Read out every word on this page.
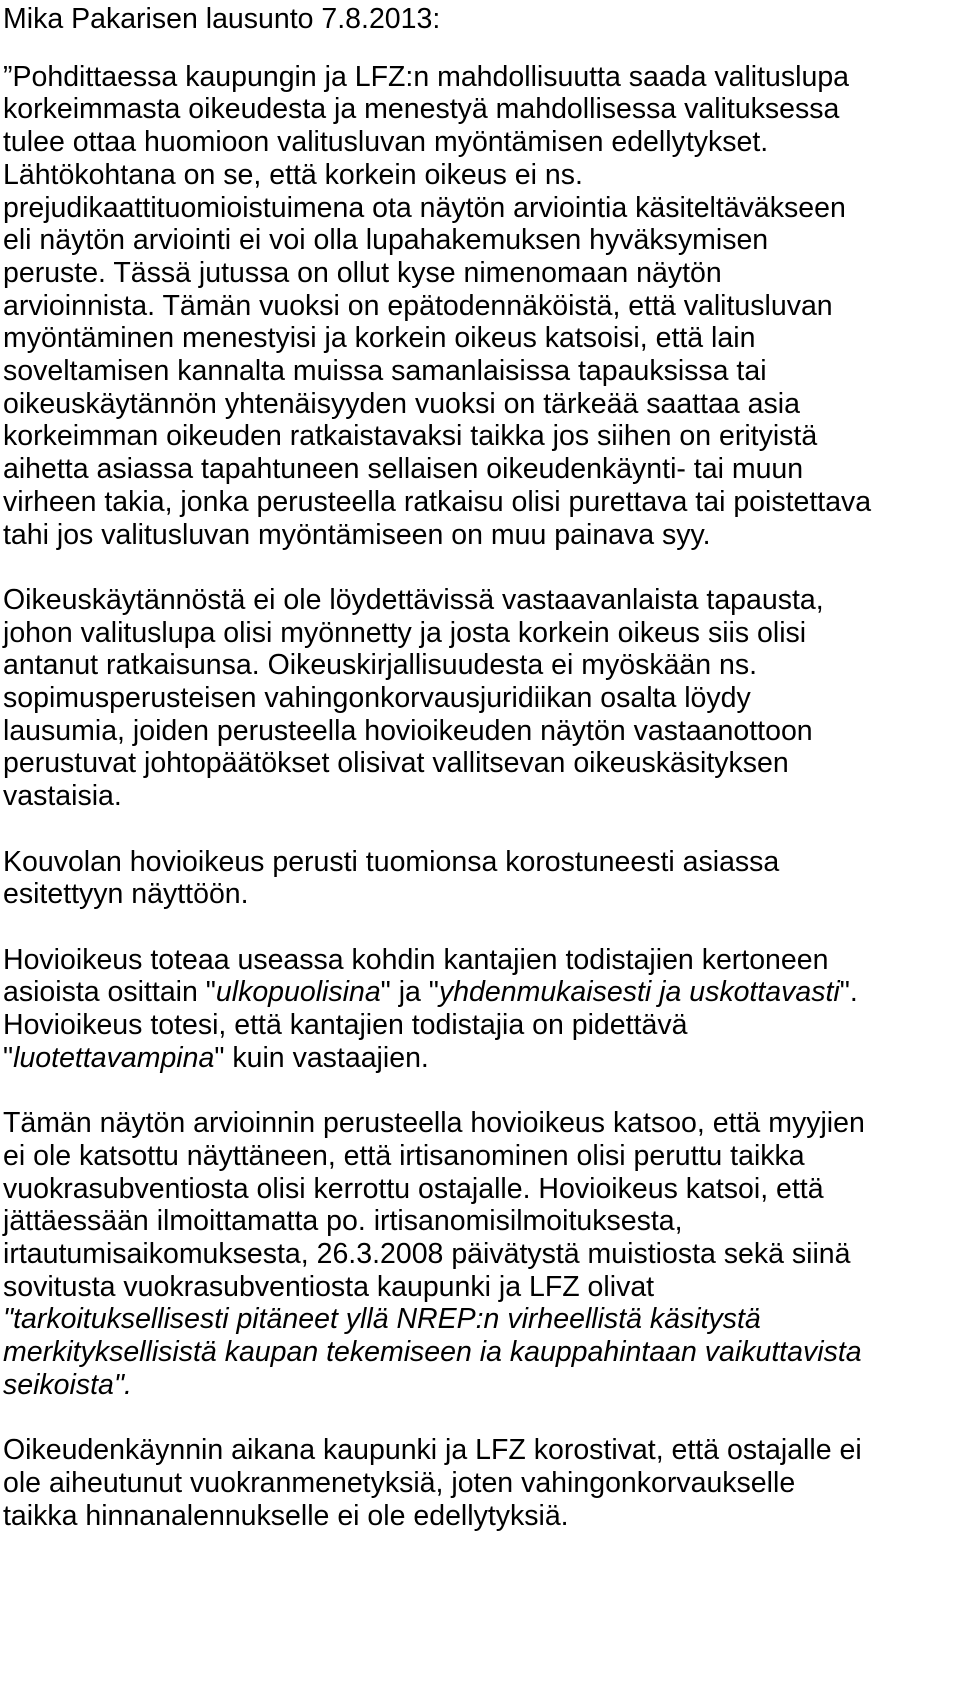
Mika Pakarisen lausunto 7.8.2013:
”Pohdittaessa kaupungin ja LFZ:n mahdollisuutta saada valituslupa
korkeimmasta oikeudesta ja menestyä mahdollisessa valituksessa
tulee ottaa huomioon valitusluvan myöntämisen edellytykset.
Lähtökohtana on se, että korkein oikeus ei ns.
prejudikaattituomioistuimena ota näytön arviointia käsiteltäväkseen
eli näytön arviointi ei voi olla lupahakemuksen hyväksymisen
peruste. Tässä jutussa on ollut kyse nimenomaan näytön
arvioinnista. Tämän vuoksi on epätodennäköistä, että valitusluvan
myöntäminen menestyisi ja korkein oikeus katsoisi, että lain
soveltamisen kannalta muissa samanlaisissa tapauksissa tai
oikeuskäytännön yhtenäisyyden vuoksi on tärkeää saattaa asia
korkeimman oikeuden ratkaistavaksi taikka jos siihen on erityistä
aihetta asiassa tapahtuneen sellaisen oikeudenkäynti- tai muun
virheen takia, jonka perusteella ratkaisu olisi purettava tai poistettava
tahi jos valitusluvan myöntämiseen on muu painava syy.
Oikeuskäytännöstä ei ole löydettävissä vastaavanlaista tapausta,
johon valituslupa olisi myönnetty ja josta korkein oikeus siis olisi
antanut ratkaisunsa. Oikeuskirjallisuudesta ei myöskään ns.
sopimusperusteisen vahingonkorvausjuridiikan osalta löydy
lausumia, joiden perusteella hovioikeuden näytön vastaanottoon
perustuvat johtopäätökset olisivat vallitsevan oikeuskäsityksen
vastaisia.
Kouvolan hovioikeus perusti tuomionsa korostuneesti asiassa
esitettyyn näyttöön.
Hovioikeus toteaa useassa kohdin kantajien todistajien kertoneen
asioista osittain "ulkopuolisina" ja "yhdenmukaisesti ja uskottavasti".
Hovioikeus totesi, että kantajien todistajia on pidettävä
"luotettavampina" kuin vastaajien.
Tämän näytön arvioinnin perusteella hovioikeus katsoo, että myyjien
ei ole katsottu näyttäneen, että irtisanominen olisi peruttu taikka
vuokrasubventiosta olisi kerrottu ostajalle. Hovioikeus katsoi, että
jättäessään ilmoittamatta po. irtisanomisilmoituksesta,
irtautumisaikomuksesta, 26.3.2008 päivätystä muistiosta sekä siinä
sovitusta vuokrasubventiosta kaupunki ja LFZ olivat
"tarkoituksellisesti pitäneet yllä NREP:n virheellistä käsitystä
merkityksellisistä kaupan tekemiseen ia kauppahintaan vaikuttavista
seikoista".
Oikeudenkäynnin aikana kaupunki ja LFZ korostivat, että ostajalle ei
ole aiheutunut vuokranmenetyksiä, joten vahingonkorvaukselle
taikka hinnanalennukselle ei ole edellytyksiä.
